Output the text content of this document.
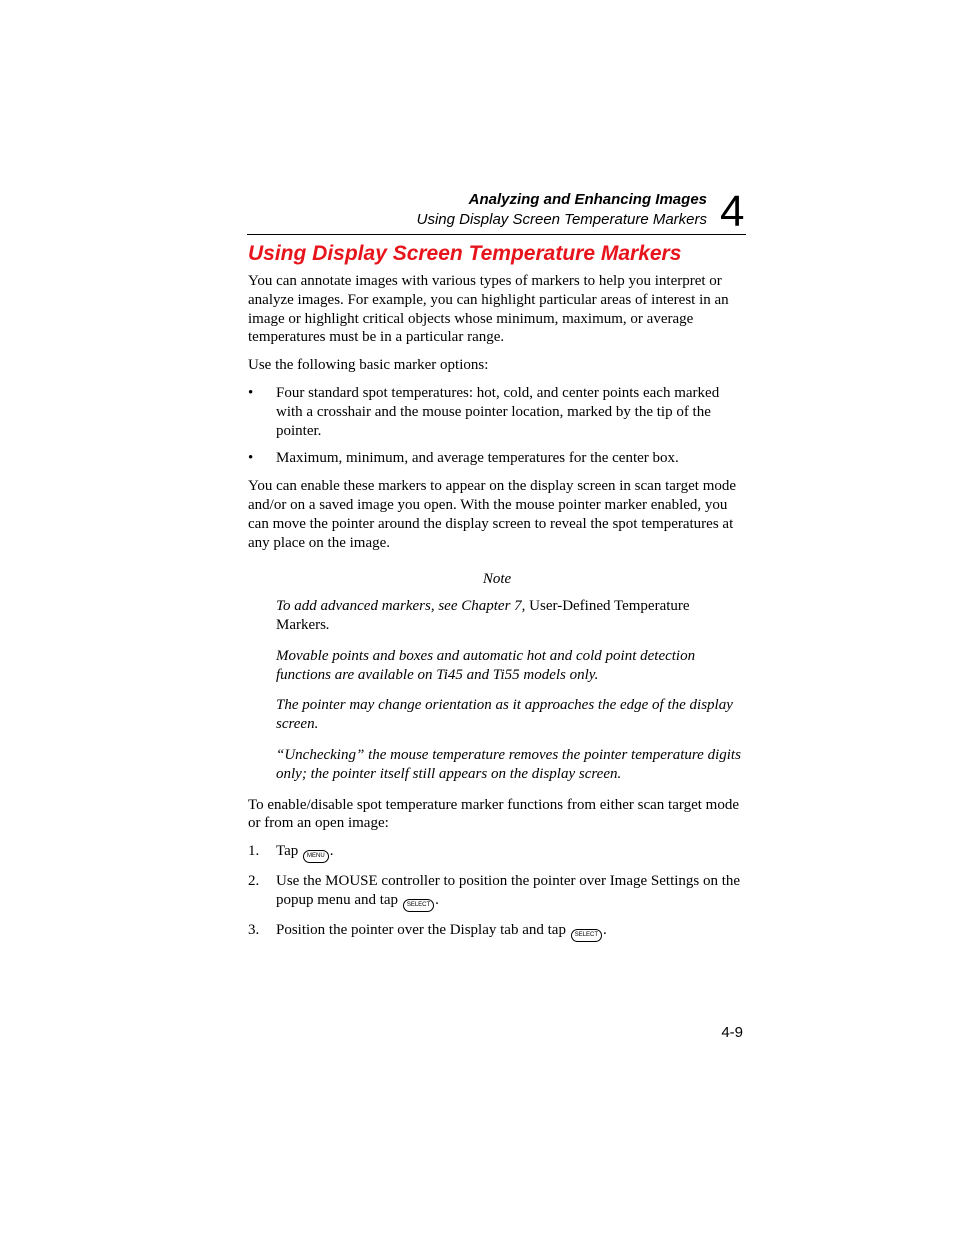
Analyzing and Enhancing Images
Using Display Screen Temperature Markers 4
Using Display Screen Temperature Markers

You can annotate images with various types of markers to help you interpret or analyze images. For example, you can highlight particular areas of interest in an image or highlight critical objects whose minimum, maximum, or average temperatures must be in a particular range.

Use the following basic marker options:

• Four standard spot temperatures: hot, cold, and center points each marked with a crosshair and the mouse pointer location, marked by the tip of the pointer.
• Maximum, minimum, and average temperatures for the center box.

You can enable these markers to appear on the display screen in scan target mode and/or on a saved image you open. With the mouse pointer marker enabled, you can move the pointer around the display screen to reveal the spot temperatures at any place on the image.

Note

To add advanced markers, see Chapter 7, User-Defined Temperature Markers.

Movable points and boxes and automatic hot and cold point detection functions are available on Ti45 and Ti55 models only.

The pointer may change orientation as it approaches the edge of the display screen.

“Unchecking” the mouse temperature removes the pointer temperature digits only; the pointer itself still appears on the display screen.

To enable/disable spot temperature marker functions from either scan target mode or from an open image:

1. Tap MENU .
2. Use the MOUSE controller to position the pointer over Image Settings on the popup menu and tap SELECT .
3. Position the pointer over the Display tab and tap SELECT .
4-9
